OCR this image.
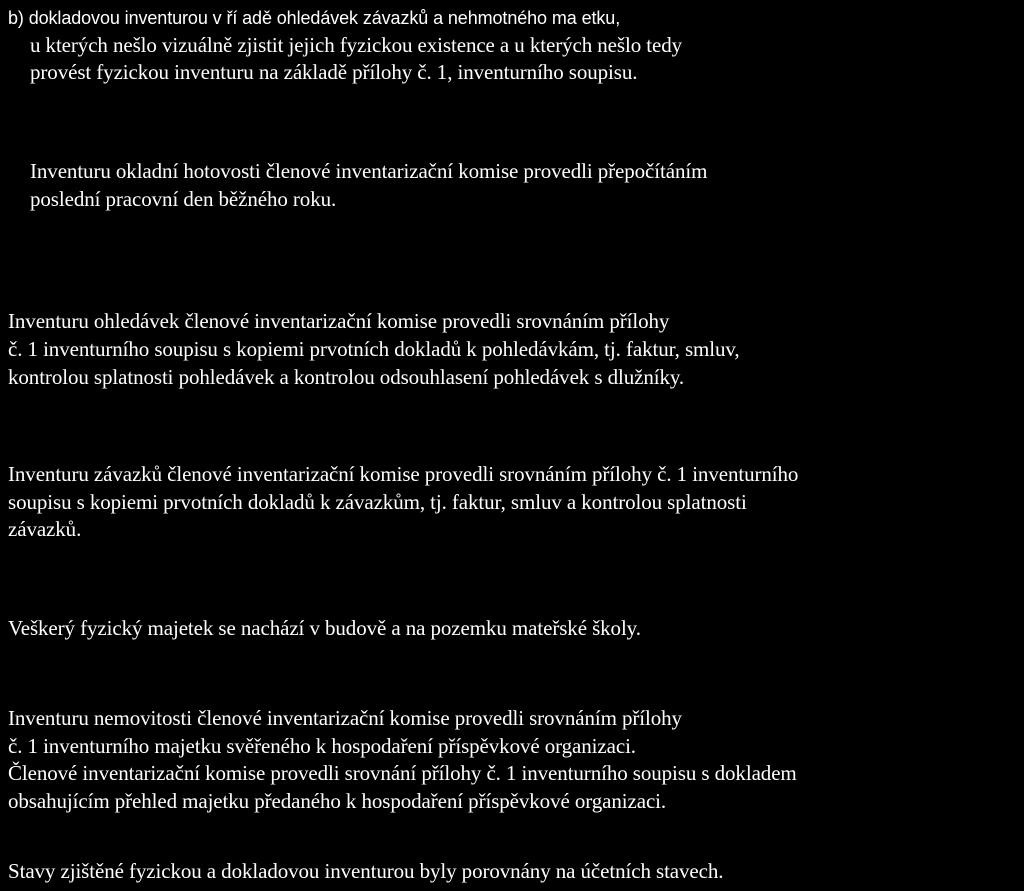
b) dokladovou inventurou v ří adě ohledávek závazků a nehmotného ma etku,
u kterých nešlo vizuálně zjistit jejich fyzickou existence a u kterých nešlo tedy
provést fyzickou inventuru na základě přílohy č. 1, inventurního soupisu.
Inventuru okladní hotovosti členové inventarizační komise provedli přepočítáním
poslední pracovní den běžného roku.
Inventuru ohledávek členové inventarizační komise provedli srovnáním přílohy
č. 1 inventurního soupisu s kopiemi prvotních dokladů k pohledávkám, tj. faktur, smluv,
kontrolou splatnosti pohledávek a kontrolou odsouhlasení pohledávek s dlužníky.
Inventuru závazků členové inventarizační komise provedli srovnáním přílohy č. 1 inventurního
soupisu s kopiemi prvotních dokladů k závazkům, tj. faktur, smluv a kontrolou splatnosti
závazků.
Veškerý fyzický majetek se nachází v budově a na pozemku mateřské školy.
Inventuru nemovitosti členové inventarizační komise provedli srovnáním přílohy
č. 1 inventurního majetku svěřeného k hospodaření příspěvkové organizaci.
Členové inventarizační komise provedli srovnání přílohy č. 1 inventurního soupisu s dokladem
obsahujícím přehled majetku předaného k hospodaření příspěvkové organizaci.
Stavy zjištěné fyzickou a dokladovou inventurou byly porovnány na účetních stavech.
